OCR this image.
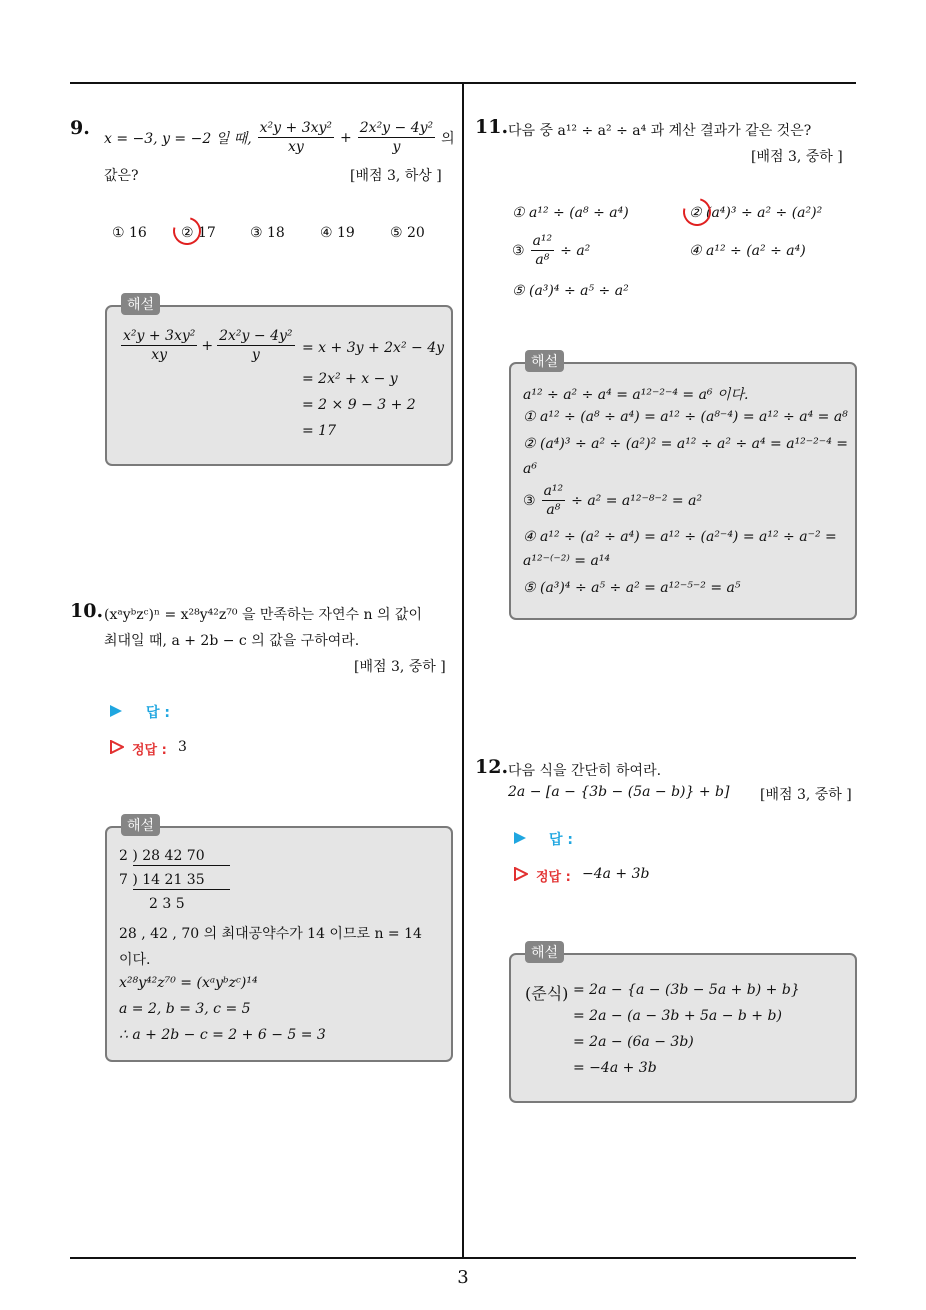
3
9. x = −3, y = −2 일 때, $\frac{\text{x²y + 3xy²}}{xy} + \frac{\text{2x²y − 4y²}}{y}$ 의
값은?	[배점 3, 하상 ]
① 16 ② 17 ③ 18	④ 19	⑤ 20
해설
$\frac{\text{x²y + 3xy²}}{xy} + \frac{\text{2x²y − 4y²}}{y} = x + 3y + 2x^2 - 4y$
= 2x² + x − y
= 2 × 9 − 3 + 2
= 17
10. (xᵃyᵇzᶜ)ⁿ = x²⁸y⁴²z⁷⁰ 을 만족하는 자연수 n 의 값이
최대일 때, a + 2b − c 의 값을 구하여라.
[배점 3, 중하 ]
답 :
정답 : 3
해설
2 ) 28 42 70
7 ) 14 21 35
2 3 5
28 , 42 , 70 의 최대공약수가 14 이므로 n = 14
이다.
x²⁸y⁴²z⁷⁰ = (xᵃyᵇzᶜ)¹⁴
a = 2, b = 3, c = 5
∴ a + 2b − c = 2 + 6 − 5 = 3
11. 다음 중 a¹² ÷ a² ÷ a⁴ 과 계산 결과가 같은 것은?
[배점 3, 중하 ]
① a¹² ÷ (a⁸ ÷ a⁴)	② (a⁴)³ ÷ a² ÷ (a²)²
③ $\frac{\text{a¹²}}{\text{a⁸}} \div a^2$	④ a¹² ÷ (a² ÷ a⁴)
⑤ (a³)⁴ ÷ a⁵ ÷ a²
해설
a¹² ÷ a² ÷ a⁴ = a¹²⁻²⁻⁴ = a⁶ 이다.
① a¹² ÷ (a⁸ ÷ a⁴) = a¹² ÷ (a⁸⁻⁴) = a¹² ÷ a⁴ = a⁸
② (a⁴)³ ÷ a² ÷ (a²)² = a¹² ÷ a² ÷ a⁴ = a¹²⁻²⁻⁴ =
a⁶
③ $\frac{\text{a¹²}}{\text{a⁸}} \div a^2 = a^{12-8-2} = a^2$
④ a¹² ÷ (a² ÷ a⁴) = a¹² ÷ (a²⁻⁴) = a¹² ÷ a⁻² =
a¹²⁻⁽⁻²⁾ = a¹⁴
⑤ (a³)⁴ ÷ a⁵ ÷ a² = a¹²⁻⁵⁻² = a⁵
12. 다음 식을 간단히 하여라.
2a − [a − {3b − (5a − b)} + b] [배점 3, 중하 ]
답 :
정답 : −4a + 3b
해설
(준식) = 2a − {a − (3b − 5a + b) + b}
= 2a − (a − 3b + 5a − b + b)
= 2a − (6a − 3b)
= −4a + 3b
